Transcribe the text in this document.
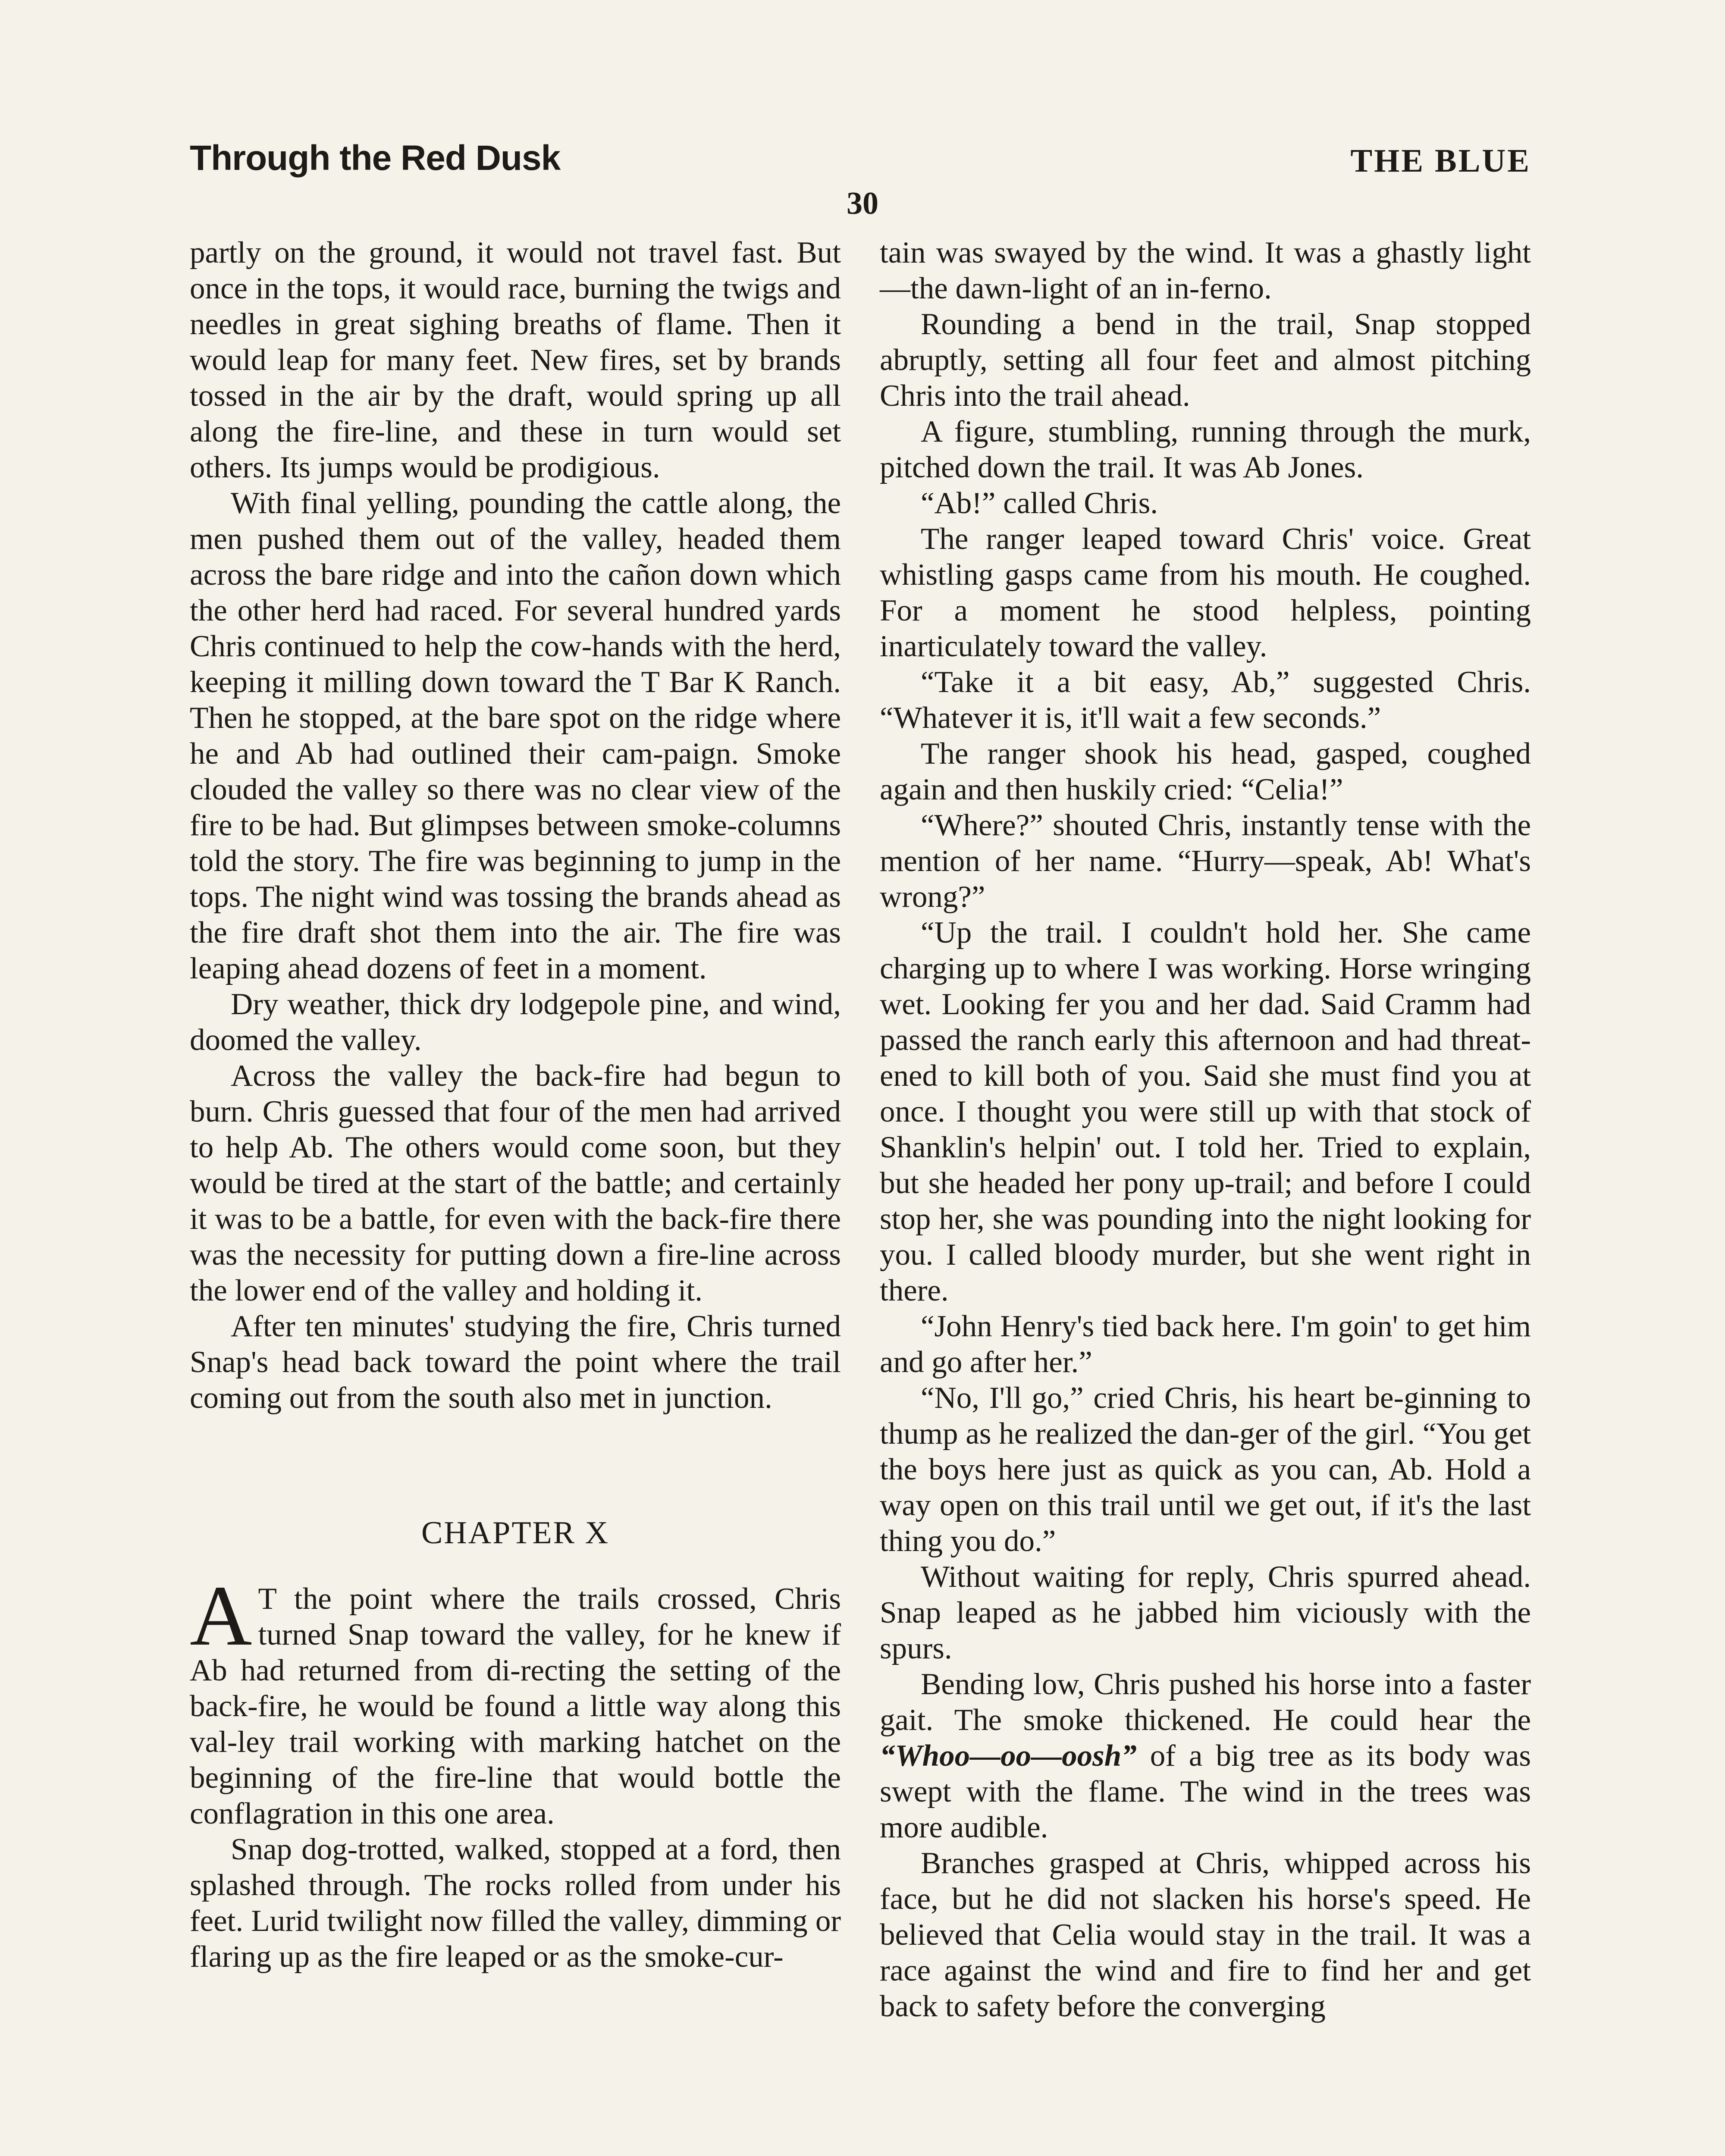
Through the Red Dusk	THE BLUE
30

partly on the ground, it would not travel fast. But once in the tops, it would race, burning the twigs and needles in great sighing breaths of flame. Then it would leap for many feet. New fires, set by brands tossed in the air by the draft, would spring up all along the fire-line, and these in turn would set others. Its jumps would be prodigious.

With final yelling, pounding the cattle along, the men pushed them out of the valley, headed them across the bare ridge and into the cañon down which the other herd had raced. For several hundred yards Chris continued to help the cow-hands with the herd, keeping it milling down toward the T Bar K Ranch. Then he stopped, at the bare spot on the ridge where he and Ab had outlined their cam-paign. Smoke clouded the valley so there was no clear view of the fire to be had. But glimpses between smoke-columns told the story. The fire was beginning to jump in the tops. The night wind was tossing the brands ahead as the fire draft shot them into the air. The fire was leaping ahead dozens of feet in a moment.

Dry weather, thick dry lodgepole pine, and wind, doomed the valley.

Across the valley the back-fire had begun to burn. Chris guessed that four of the men had arrived to help Ab. The others would come soon, but they would be tired at the start of the battle; and certainly it was to be a battle, for even with the back-fire there was the necessity for putting down a fire-line across the lower end of the valley and holding it.

After ten minutes' studying the fire, Chris turned Snap's head back toward the point where the trail coming out from the south also met in junction.

CHAPTER X

A T the point where the trails crossed, Chris turned Snap toward the valley, for he knew if Ab had returned from di-recting the setting of the back-fire, he would be found a little way along this val-ley trail working with marking hatchet on the beginning of the fire-line that would bottle the conflagration in this one area.

Snap dog-trotted, walked, stopped at a ford, then splashed through. The rocks rolled from under his feet. Lurid twilight now filled the valley, dimming or flaring up as the fire leaped or as the smoke-cur-

tain was swayed by the wind. It was a ghastly light—the dawn-light of an in-ferno.

Rounding a bend in the trail, Snap stopped abruptly, setting all four feet and almost pitching Chris into the trail ahead.

A figure, stumbling, running through the murk, pitched down the trail. It was Ab Jones.

“Ab!” called Chris.

The ranger leaped toward Chris' voice. Great whistling gasps came from his mouth. He coughed. For a moment he stood helpless, pointing inarticulately toward the valley.

“Take it a bit easy, Ab,” suggested Chris. “Whatever it is, it'll wait a few seconds.”

The ranger shook his head, gasped, coughed again and then huskily cried: “Celia!”

“Where?” shouted Chris, instantly tense with the mention of her name. “Hurry—speak, Ab! What's wrong?”

“Up the trail. I couldn't hold her. She came charging up to where I was working. Horse wringing wet. Looking fer you and her dad. Said Cramm had passed the ranch early this afternoon and had threat-ened to kill both of you. Said she must find you at once. I thought you were still up with that stock of Shanklin's helpin' out. I told her. Tried to explain, but she headed her pony up-trail; and before I could stop her, she was pounding into the night looking for you. I called bloody murder, but she went right in there.

“John Henry's tied back here. I'm goin' to get him and go after her.”

“No, I'll go,” cried Chris, his heart be-ginning to thump as he realized the dan-ger of the girl. “You get the boys here just as quick as you can, Ab. Hold a way open on this trail until we get out, if it's the last thing you do.”

Without waiting for reply, Chris spurred ahead. Snap leaped as he jabbed him viciously with the spurs.

Bending low, Chris pushed his horse into a faster gait. The smoke thickened. He could hear the “Whoo—oo—oosh” of a big tree as its body was swept with the flame. The wind in the trees was more audible.

Branches grasped at Chris, whipped across his face, but he did not slacken his horse's speed. He believed that Celia would stay in the trail. It was a race against the wind and fire to find her and get back to safety before the converging
